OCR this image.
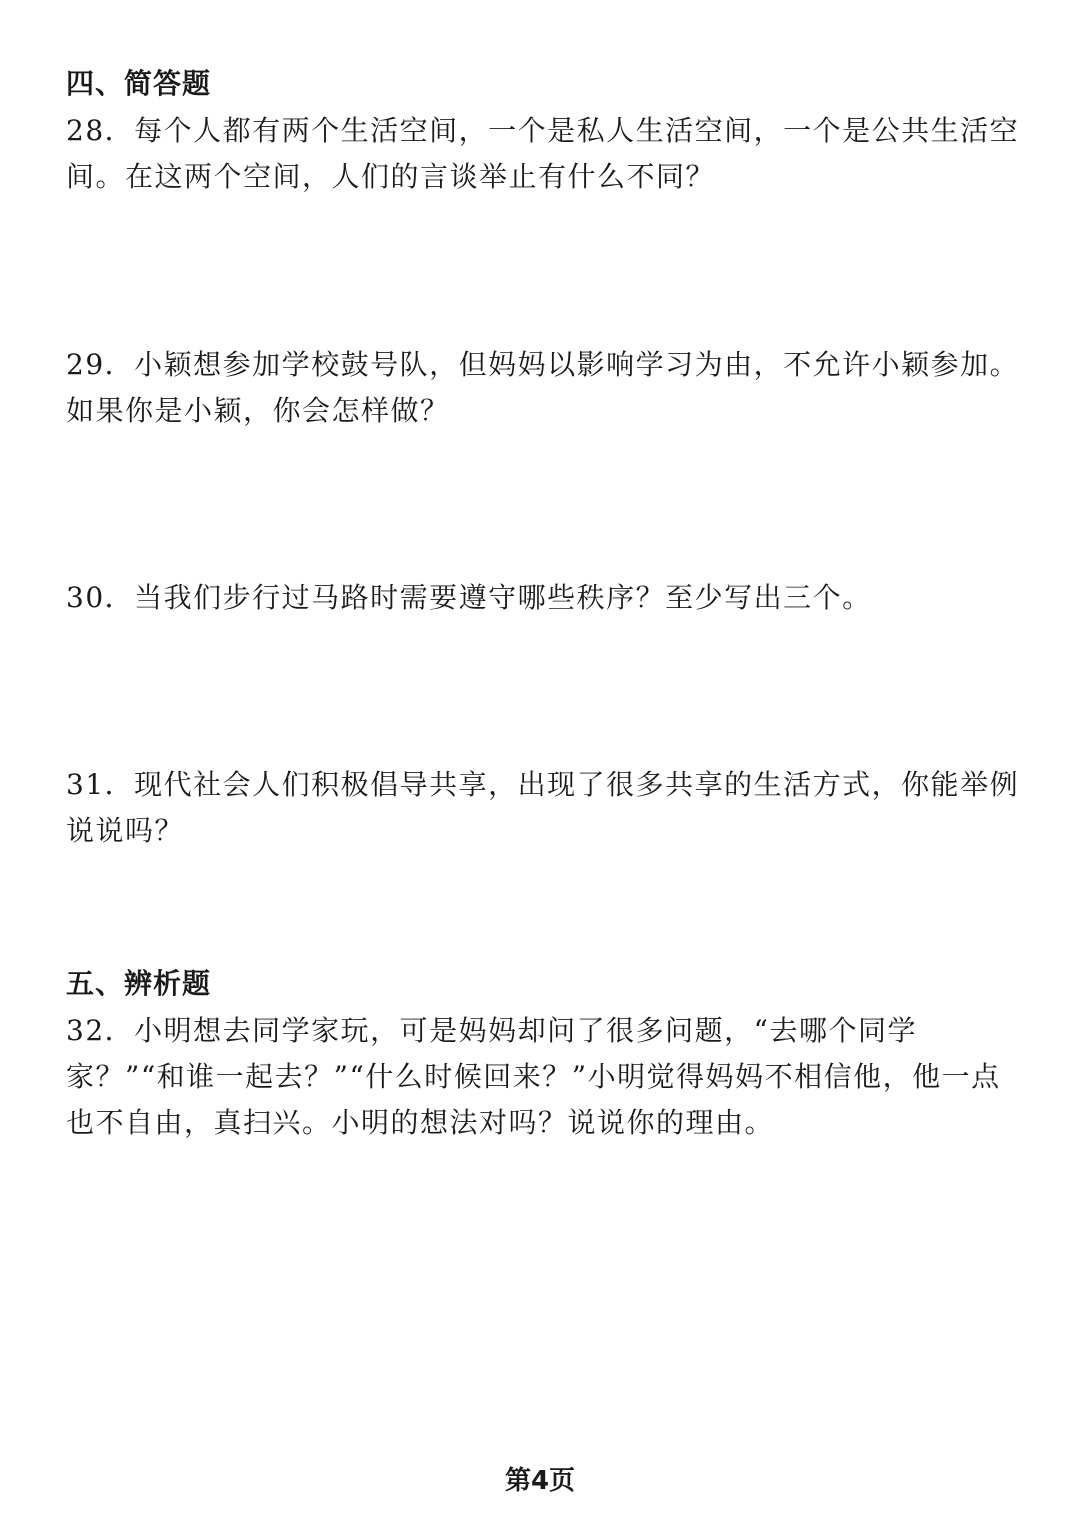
四、简答题

28．每个人都有两个生活空间，一个是私人生活空间，一个是公共生活空间。在这两个空间，人们的言谈举止有什么不同？

29．小颖想参加学校鼓号队，但妈妈以影响学习为由，不允许小颖参加。如果你是小颖，你会怎样做？

30．当我们步行过马路时需要遵守哪些秩序？至少写出三个。

31．现代社会人们积极倡导共享，出现了很多共享的生活方式，你能举例说说吗？

五、辨析题

32．小明想去同学家玩，可是妈妈却问了很多问题，“去哪个同学家？”“和谁一起去？”“什么时候回来？”小明觉得妈妈不相信他，他一点也不自由，真扫兴。小明的想法对吗？说说你的理由。

第4页
